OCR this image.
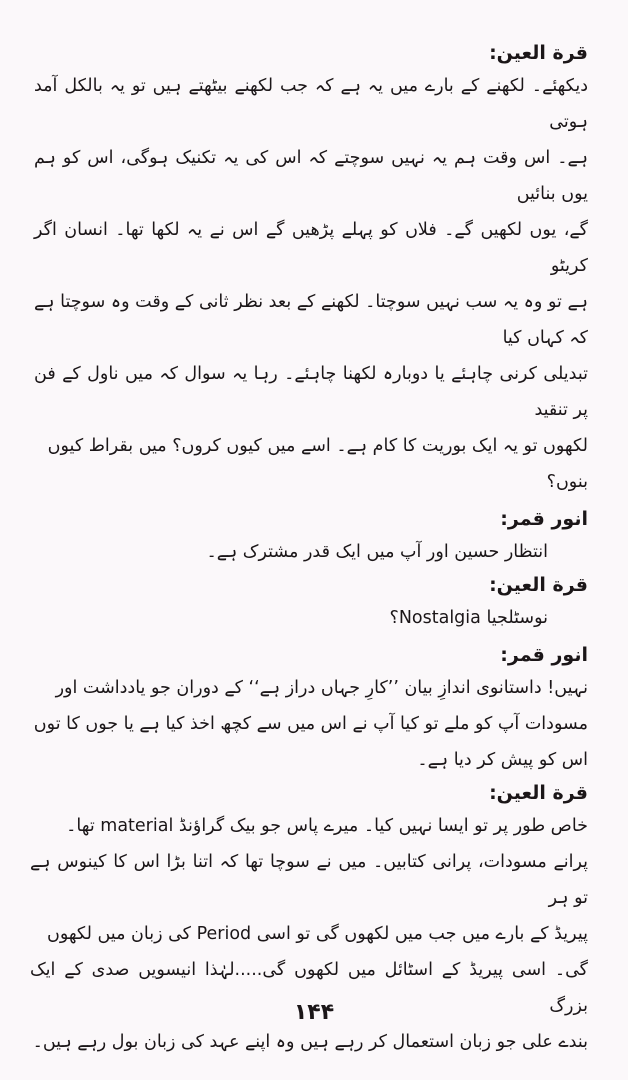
قرة العین:

دیکھئے۔ لکھنے کے بارے میں یہ ہے کہ جب لکھنے بیٹھتے ہیں تو یہ بالکل آمد ہوتی
ہے۔ اس وقت ہم یہ نہیں سوچتے کہ اس کی یہ تکنیک ہوگی، اس کو ہم یوں بنائیں
گے، یوں لکھیں گے۔ فلاں کو پہلے پڑھیں گے اس نے یہ لکھا تھا۔ انسان اگر کریٹو
ہے تو وہ یہ سب نہیں سوچتا۔ لکھنے کے بعد نظر ثانی کے وقت وہ سوچتا ہے کہ کہاں کیا
تبدیلی کرنی چاہئے یا دوبارہ لکھنا چاہئے۔ رہا یہ سوال کہ میں ناول کے فن پر تنقید
لکھوں تو یہ ایک بوریت کا کام ہے۔ اسے میں کیوں کروں؟ میں بقراط کیوں
بنوں؟

انور قمر:

انتظار حسین اور آپ میں ایک قدر مشترک ہے۔

قرة العین:

نوسٹلجیا Nostalgia؟

انور قمر:

نہیں! داستانوی اندازِ بیان ’’کارِ جہاں دراز ہے‘‘ کے دوران جو یادداشت اور
مسودات آپ کو ملے تو کیا آپ نے اس میں سے کچھ اخذ کیا ہے یا جوں کا توں
اس کو پیش کر دیا ہے۔

قرة العین:

خاص طور پر تو ایسا نہیں کیا۔ میرے پاس جو بیک گراؤنڈ material تھا۔
پرانے مسودات، پرانی کتابیں۔ میں نے سوچا تھا کہ اتنا بڑا اس کا کینوس ہے تو ہر
پیریڈ کے بارے میں جب میں لکھوں گی تو اسی Period کی زبان میں لکھوں
گی۔ اسی پیریڈ کے اسٹائل میں لکھوں گی.....لہٰذا انیسویں صدی کے ایک بزرگ
بندے علی جو زبان استعمال کر رہے ہیں وہ اپنے عہد کی زبان بول رہے ہیں۔

۱۴۴
